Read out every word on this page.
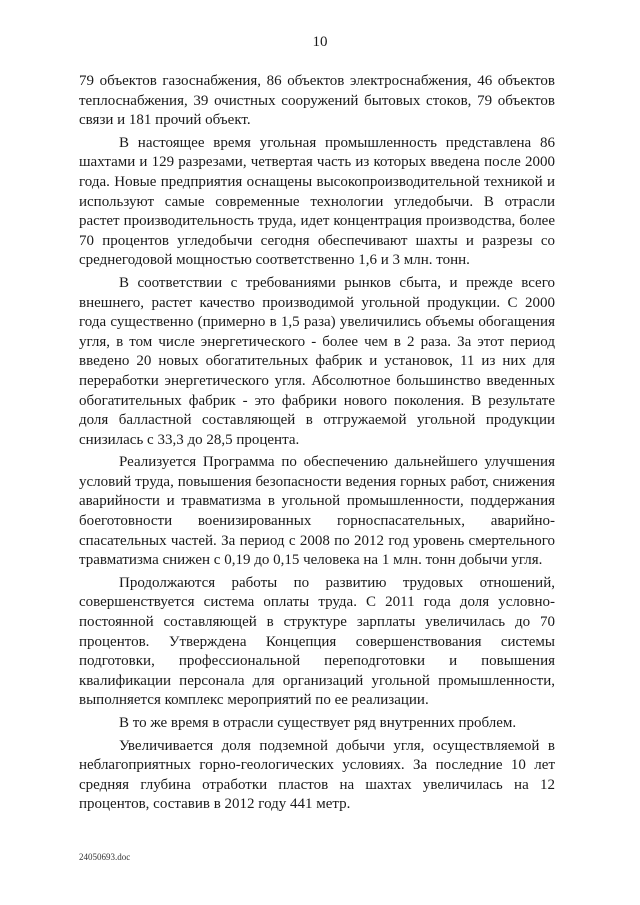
10

79 объектов газоснабжения, 86 объектов электроснабжения, 46 объектов теплоснабжения, 39 очистных сооружений бытовых стоков, 79 объектов связи и 181 прочий объект.

В настоящее время угольная промышленность представлена 86 шахтами и 129 разрезами, четвертая часть из которых введена после 2000 года. Новые предприятия оснащены высокопроизводительной техникой и используют самые современные технологии угледобычи. В отрасли растет производительность труда, идет концентрация производства, более 70 процентов угледобычи сегодня обеспечивают шахты и разрезы со среднегодовой мощностью соответственно 1,6 и 3 млн. тонн.

В соответствии с требованиями рынков сбыта, и прежде всего внешнего, растет качество производимой угольной продукции. С 2000 года существенно (примерно в 1,5 раза) увеличились объемы обогащения угля, в том числе энергетического - более чем в 2 раза. За этот период введено 20 новых обогатительных фабрик и установок, 11 из них для переработки энергетического угля. Абсолютное большинство введенных обогатительных фабрик - это фабрики нового поколения. В результате доля балластной составляющей в отгружаемой угольной продукции снизилась с 33,3 до 28,5 процента.

Реализуется Программа по обеспечению дальнейшего улучшения условий труда, повышения безопасности ведения горных работ, снижения аварийности и травматизма в угольной промышленности, поддержания боеготовности военизированных горноспасательных, аварийно-спасательных частей. За период с 2008 по 2012 год уровень смертельного травматизма снижен с 0,19 до 0,15 человека на 1 млн. тонн добычи угля.

Продолжаются работы по развитию трудовых отношений, совершенствуется система оплаты труда. С 2011 года доля условно-постоянной составляющей в структуре зарплаты увеличилась до 70 процентов. Утверждена Концепция совершенствования системы подготовки, профессиональной переподготовки и повышения квалификации персонала для организаций угольной промышленности, выполняется комплекс мероприятий по ее реализации.

В то же время в отрасли существует ряд внутренних проблем.

Увеличивается доля подземной добычи угля, осуществляемой в неблагоприятных горно-геологических условиях. За последние 10 лет средняя глубина отработки пластов на шахтах увеличилась на 12 процентов, составив в 2012 году 441 метр.

24050693.doc
